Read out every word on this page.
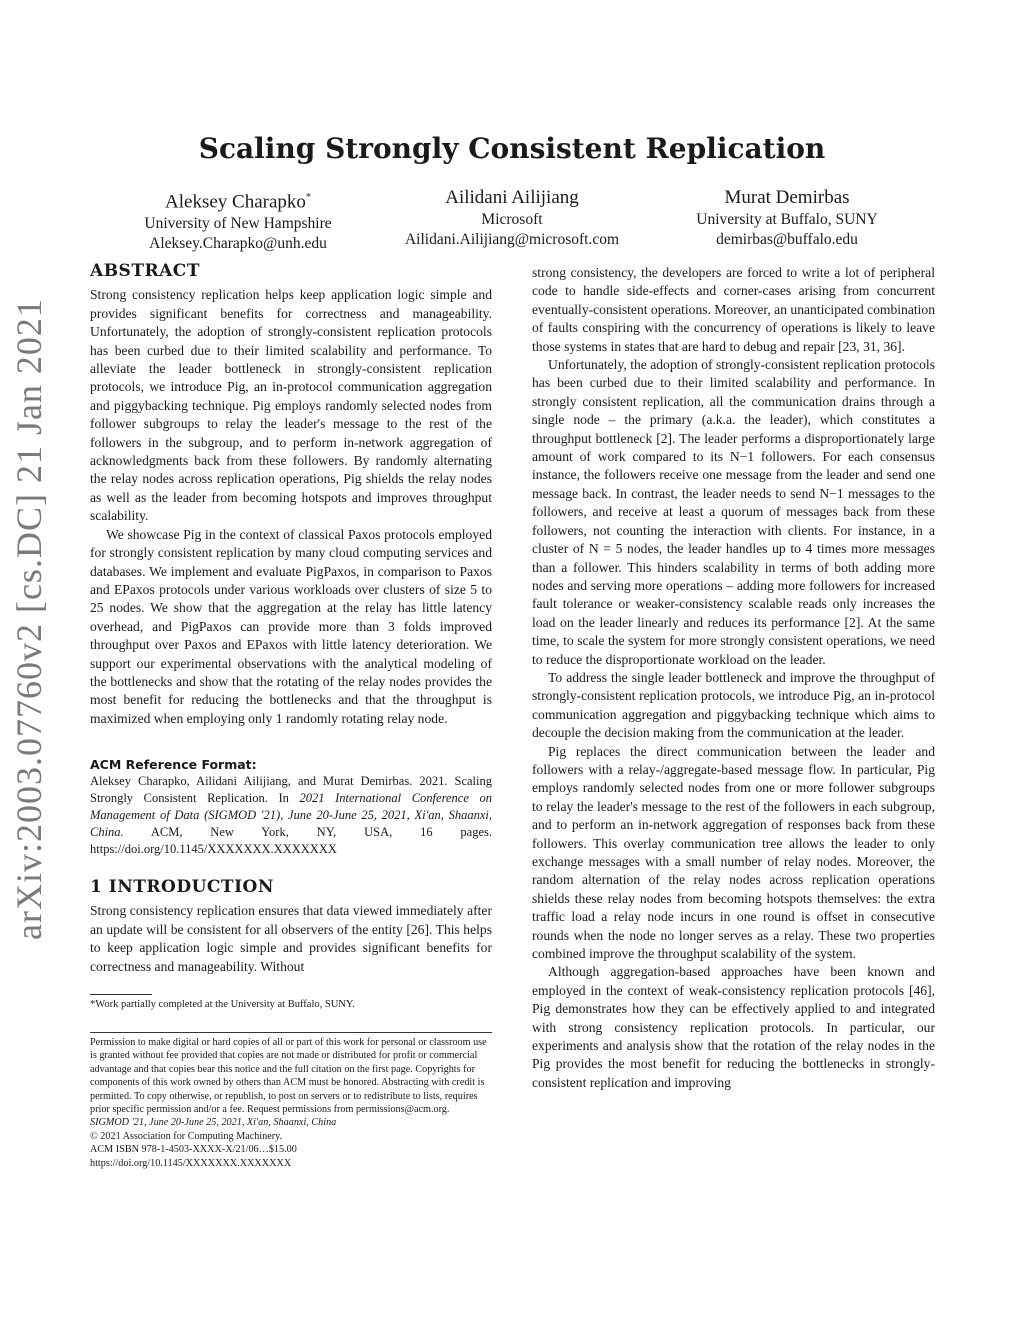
arXiv:2003.07760v2 [cs.DC] 21 Jan 2021
Scaling Strongly Consistent Replication
Aleksey Charapko*
University of New Hampshire
Aleksey.Charapko@unh.edu
Ailidani Ailijiang
Microsoft
Ailidani.Ailijiang@microsoft.com
Murat Demirbas
University at Buffalo, SUNY
demirbas@buffalo.edu
ABSTRACT

Strong consistency replication helps keep application logic simple and provides significant benefits for correctness and manageability. Unfortunately, the adoption of strongly-consistent replication protocols has been curbed due to their limited scalability and performance. To alleviate the leader bottleneck in strongly-consistent replication protocols, we introduce Pig, an in-protocol communication aggregation and piggybacking technique. Pig employs randomly selected nodes from follower subgroups to relay the leader's message to the rest of the followers in the subgroup, and to perform in-network aggregation of acknowledgments back from these followers. By randomly alternating the relay nodes across replication operations, Pig shields the relay nodes as well as the leader from becoming hotspots and improves throughput scalability.

We showcase Pig in the context of classical Paxos protocols employed for strongly consistent replication by many cloud computing services and databases. We implement and evaluate PigPaxos, in comparison to Paxos and EPaxos protocols under various workloads over clusters of size 5 to 25 nodes. We show that the aggregation at the relay has little latency overhead, and PigPaxos can provide more than 3 folds improved throughput over Paxos and EPaxos with little latency deterioration. We support our experimental observations with the analytical modeling of the bottlenecks and show that the rotating of the relay nodes provides the most benefit for reducing the bottlenecks and that the throughput is maximized when employing only 1 randomly rotating relay node.

ACM Reference Format:

Aleksey Charapko, Ailidani Ailijiang, and Murat Demirbas. 2021. Scaling Strongly Consistent Replication. In 2021 International Conference on Management of Data (SIGMOD '21), June 20-June 25, 2021, Xi'an, Shaanxi, China. ACM, New York, NY, USA, 16 pages. https://doi.org/10.1145/XXXXXXX.XXXXXXX

1 INTRODUCTION

Strong consistency replication ensures that data viewed immediately after an update will be consistent for all observers of the entity [26]. This helps to keep application logic simple and provides significant benefits for correctness and manageability. Without

*Work partially completed at the University at Buffalo, SUNY.

Permission to make digital or hard copies of all or part of this work for personal or classroom use is granted without fee provided that copies are not made or distributed for profit or commercial advantage and that copies bear this notice and the full citation on the first page. Copyrights for components of this work owned by others than ACM must be honored. Abstracting with credit is permitted. To copy otherwise, or republish, to post on servers or to redistribute to lists, requires prior specific permission and/or a fee. Request permissions from permissions@acm.org.

SIGMOD '21, June 20-June 25, 2021, Xi'an, Shaanxi, China

© 2021 Association for Computing Machinery.

ACM ISBN 978-1-4503-XXXX-X/21/06…$15.00

https://doi.org/10.1145/XXXXXXX.XXXXXXX

strong consistency, the developers are forced to write a lot of peripheral code to handle side-effects and corner-cases arising from concurrent eventually-consistent operations. Moreover, an unanticipated combination of faults conspiring with the concurrency of operations is likely to leave those systems in states that are hard to debug and repair [23, 31, 36].

Unfortunately, the adoption of strongly-consistent replication protocols has been curbed due to their limited scalability and performance. In strongly consistent replication, all the communication drains through a single node – the primary (a.k.a. the leader), which constitutes a throughput bottleneck [2]. The leader performs a disproportionately large amount of work compared to its N−1 followers. For each consensus instance, the followers receive one message from the leader and send one message back. In contrast, the leader needs to send N−1 messages to the followers, and receive at least a quorum of messages back from these followers, not counting the interaction with clients. For instance, in a cluster of N = 5 nodes, the leader handles up to 4 times more messages than a follower. This hinders scalability in terms of both adding more nodes and serving more operations – adding more followers for increased fault tolerance or weaker-consistency scalable reads only increases the load on the leader linearly and reduces its performance [2]. At the same time, to scale the system for more strongly consistent operations, we need to reduce the disproportionate workload on the leader.

To address the single leader bottleneck and improve the throughput of strongly-consistent replication protocols, we introduce Pig, an in-protocol communication aggregation and piggybacking technique which aims to decouple the decision making from the communication at the leader.

Pig replaces the direct communication between the leader and followers with a relay-/aggregate-based message flow. In particular, Pig employs randomly selected nodes from one or more follower subgroups to relay the leader's message to the rest of the followers in each subgroup, and to perform an in-network aggregation of responses back from these followers. This overlay communication tree allows the leader to only exchange messages with a small number of relay nodes. Moreover, the random alternation of the relay nodes across replication operations shields these relay nodes from becoming hotspots themselves: the extra traffic load a relay node incurs in one round is offset in consecutive rounds when the node no longer serves as a relay. These two properties combined improve the throughput scalability of the system.

Although aggregation-based approaches have been known and employed in the context of weak-consistency replication protocols [46], Pig demonstrates how they can be effectively applied to and integrated with strong consistency replication protocols. In particular, our experiments and analysis show that the rotation of the relay nodes in the Pig provides the most benefit for reducing the bottlenecks in strongly-consistent replication and improving
